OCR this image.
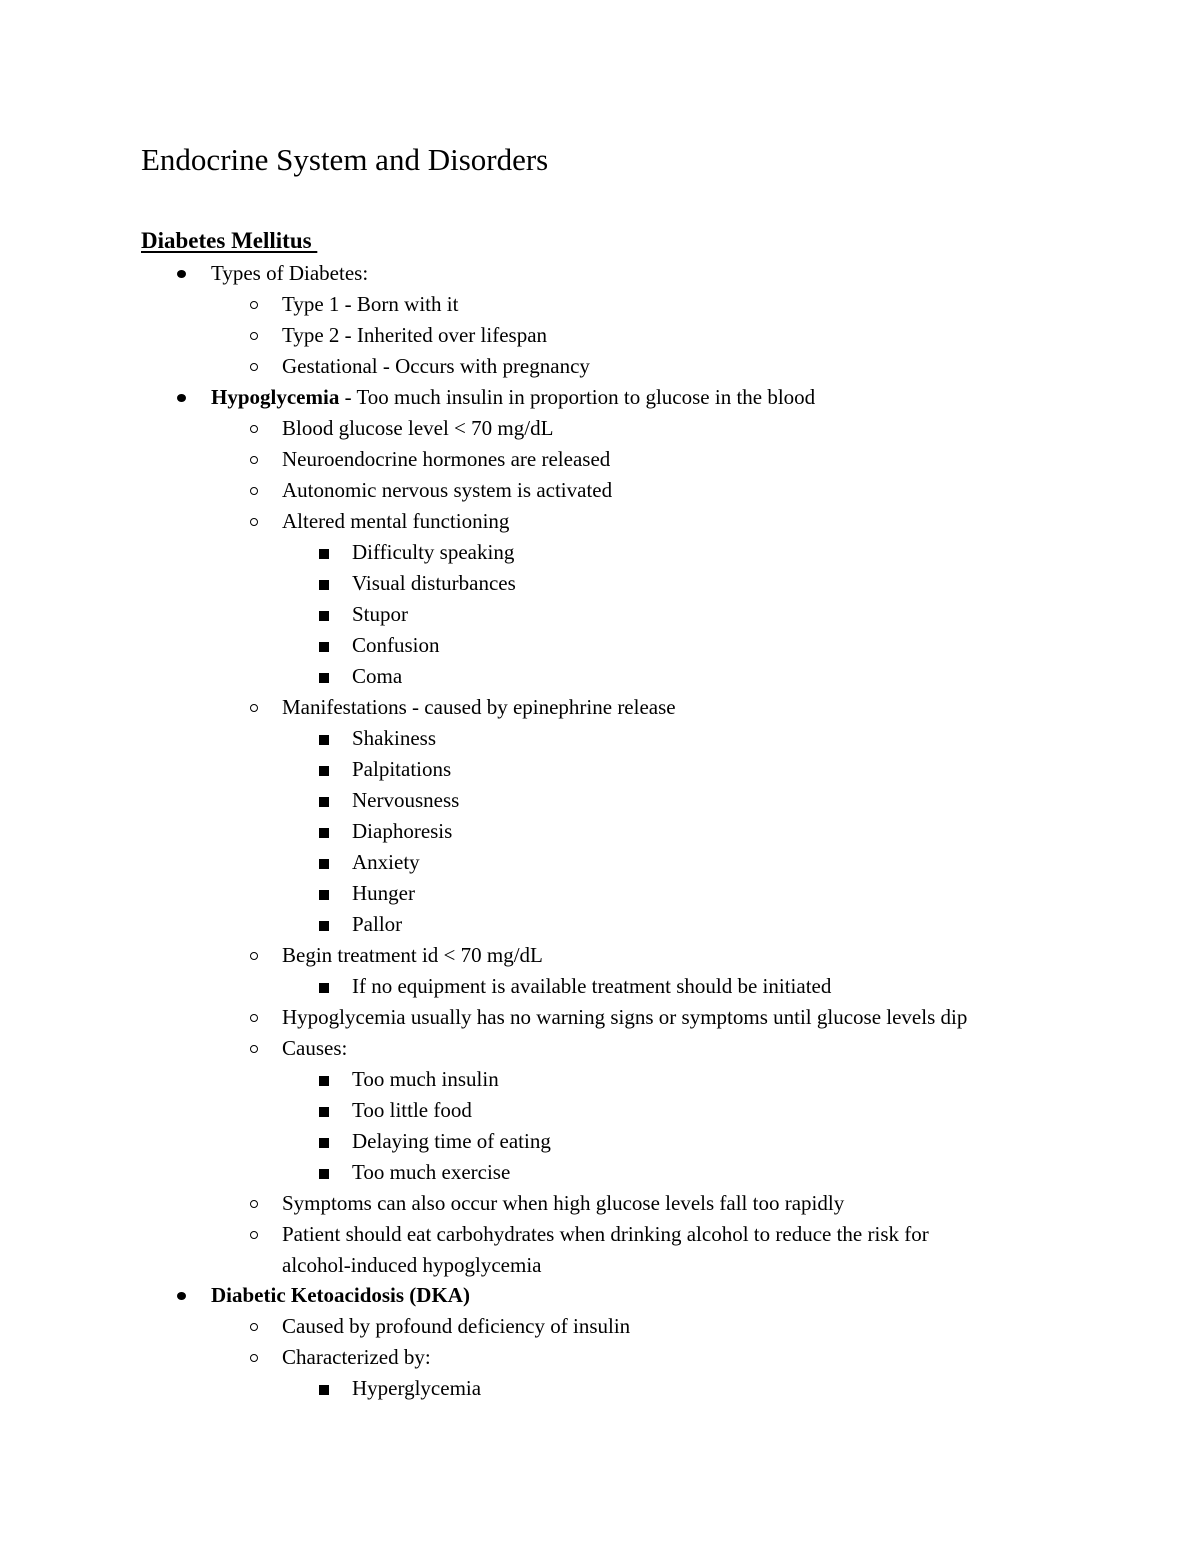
Endocrine System and Disorders
Diabetes Mellitus
Types of Diabetes:
Type 1 - Born with it
Type 2 - Inherited over lifespan
Gestational - Occurs with pregnancy
Hypoglycemia - Too much insulin in proportion to glucose in the blood
Blood glucose level < 70 mg/dL
Neuroendocrine hormones are released
Autonomic nervous system is activated
Altered mental functioning
Difficulty speaking
Visual disturbances
Stupor
Confusion
Coma
Manifestations - caused by epinephrine release
Shakiness
Palpitations
Nervousness
Diaphoresis
Anxiety
Hunger
Pallor
Begin treatment id < 70 mg/dL
If no equipment is available treatment should be initiated
Hypoglycemia usually has no warning signs or symptoms until glucose levels dip
Causes:
Too much insulin
Too little food
Delaying time of eating
Too much exercise
Symptoms can also occur when high glucose levels fall too rapidly
Patient should eat carbohydrates when drinking alcohol to reduce the risk for
alcohol-induced hypoglycemia
Diabetic Ketoacidosis (DKA)
Caused by profound deficiency of insulin
Characterized by:
Hyperglycemia
